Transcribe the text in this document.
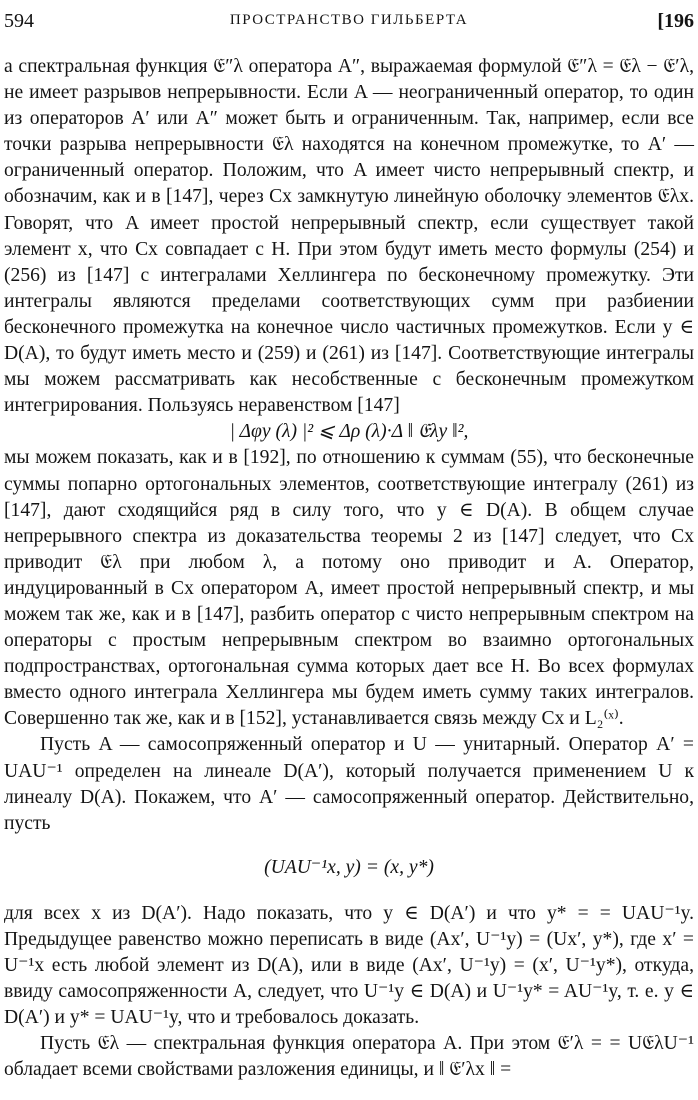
594	ПРОСТРАНСТВО ГИЛЬБЕРТА	[196

а спектральная функция 𝔈″λ оператора A″, выражаемая формулой 𝔈″λ = 𝔈λ − 𝔈′λ, не имеет разрывов непрерывности. Если A — неограниченный оператор, то один из операторов A′ или A″ может быть и ограниченным. Так, например, если все точки разрыва непрерывности 𝔈λ находятся на конечном промежутке, то A′ — ограниченный оператор. Положим, что A имеет чисто непрерывный спектр, и обозначим, как и в [147], через Cx замкнутую линейную оболочку элементов 𝔈λx. Говорят, что A имеет простой непрерывный спектр, если существует такой элемент x, что Cx совпадает с H. При этом будут иметь место формулы (254) и (256) из [147] с интегралами Хеллингера по бесконечному промежутку. Эти интегралы являются пределами соответствующих сумм при разбиении бесконечного промежутка на конечное число частичных промежутков. Если y ∈ D(A), то будут иметь место и (259) и (261) из [147]. Соответствующие интегралы мы можем рассматривать как несобственные с бесконечным промежутком интегрирования. Пользуясь неравенством [147]

| Δφy (λ) |² ⩽ Δρ (λ)·Δ ‖ 𝔈λy ‖²,

мы можем показать, как и в [192], по отношению к суммам (55), что бесконечные суммы попарно ортогональных элементов, соответствующие интегралу (261) из [147], дают сходящийся ряд в силу того, что y ∈ D(A). В общем случае непрерывного спектра из доказательства теоремы 2 из [147] следует, что Cx приводит 𝔈λ при любом λ, а потому оно приводит и A. Оператор, индуцированный в Cx оператором A, имеет простой непрерывный спектр, и мы можем так же, как и в [147], разбить оператор с чисто непрерывным спектром на операторы с простым непрерывным спектром во взаимно ортогональных подпространствах, ортогональная сумма которых дает все H. Во всех формулах вместо одного интеграла Хеллингера мы будем иметь сумму таких интегралов. Совершенно так же, как и в [152], устанавливается связь между Cx и L₂⁽ˣ⁾.

Пусть A — самосопряженный оператор и U — унитарный. Оператор A′ = UAU⁻¹ определен на линеале D(A′), который получается применением U к линеалу D(A). Покажем, что A′ — самосопряженный оператор. Действительно, пусть

(UAU⁻¹x, y) = (x, y*)

для всех x из D(A′). Надо показать, что y ∈ D(A′) и что y* = = UAU⁻¹y. Предыдущее равенство можно переписать в виде (Ax′, U⁻¹y) = (Ux′, y*), где x′ = U⁻¹x есть любой элемент из D(A), или в виде (Ax′, U⁻¹y) = (x′, U⁻¹y*), откуда, ввиду самосопряженности A, следует, что U⁻¹y ∈ D(A) и U⁻¹y* = AU⁻¹y, т. е. y ∈ D(A′) и y* = UAU⁻¹y, что и требовалось доказать.

Пусть 𝔈λ — спектральная функция оператора A. При этом 𝔈′λ = = U𝔈λU⁻¹ обладает всеми свойствами разложения единицы, и ‖ 𝔈′λx ‖ =
